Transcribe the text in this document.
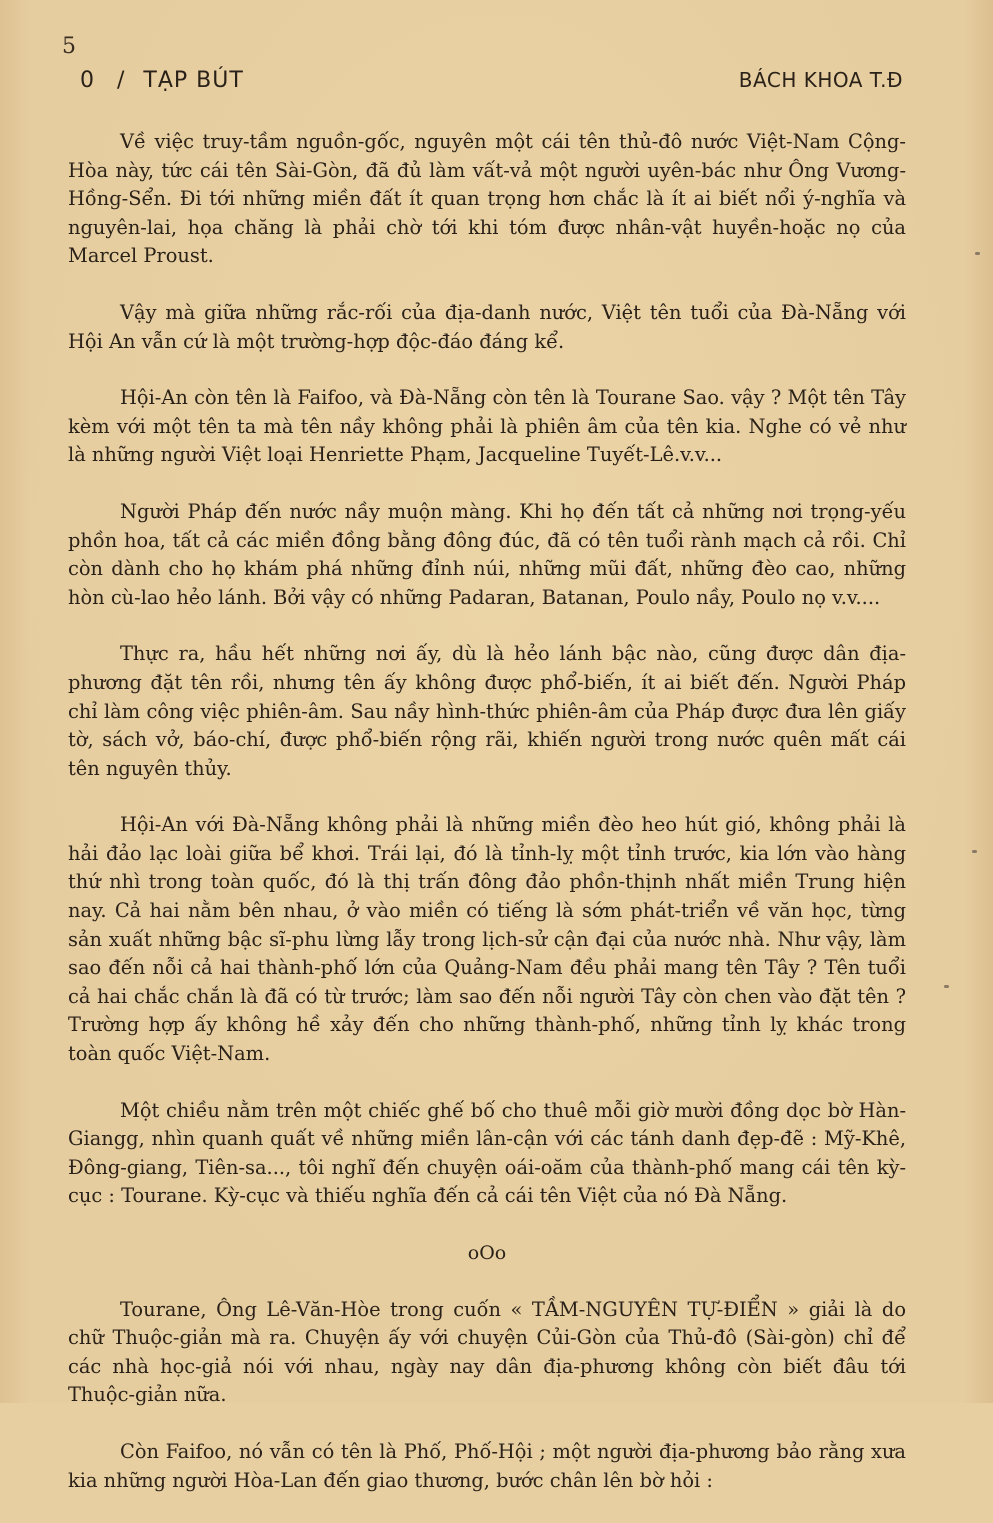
5
0 / TẠP BÚT	BÁCH KHOA T.Đ

Về việc truy-tầm nguồn-gốc, nguyên một cái tên thủ-đô nước Việt-Nam Cộng-Hòa này, tức cái tên Sài-Gòn, đã đủ làm vất-vả một người uyên-bác như Ông Vương-Hồng-Sển. Đi tới những miền đất ít quan trọng hơn chắc là ít ai biết nổi ý-nghĩa và nguyên-lai, họa chăng là phải chờ tới khi tóm được nhân-vật huyền-hoặc nọ của Marcel Proust.

Vậy mà giữa những rắc-rối của địa-danh nước, Việt tên tuổi của Đà-Nẵng với Hội An vẫn cứ là một trường-hợp độc-đáo đáng kể.

Hội-An còn tên là Faifoo, và Đà-Nẵng còn tên là Tourane Sao. vậy ? Một tên Tây kèm với một tên ta mà tên nầy không phải là phiên âm của tên kia. Nghe có vẻ như là những người Việt loại Henriette Phạm, Jacqueline Tuyết-Lê.v.v...

Người Pháp đến nước nầy muộn màng. Khi họ đến tất cả những nơi trọng-yếu phồn hoa, tất cả các miền đồng bằng đông đúc, đã có tên tuổi rành mạch cả rồi. Chỉ còn dành cho họ khám phá những đỉnh núi, những mũi đất, những đèo cao, những hòn cù-lao hẻo lánh. Bởi vậy có những Padaran, Batanan, Poulo nầy, Poulo nọ v.v....

Thực ra, hầu hết những nơi ấy, dù là hẻo lánh bậc nào, cũng được dân địa-phương đặt tên rồi, nhưng tên ấy không được phổ-biến, ít ai biết đến. Người Pháp chỉ làm công việc phiên-âm. Sau nầy hình-thức phiên-âm của Pháp được đưa lên giấy tờ, sách vở, báo-chí, được phổ-biến rộng rãi, khiến người trong nước quên mất cái tên nguyên thủy.

Hội-An với Đà-Nẵng không phải là những miền đèo heo hút gió, không phải là hải đảo lạc loài giữa bể khơi. Trái lại, đó là tỉnh-lỵ một tỉnh trước, kia lớn vào hàng thứ nhì trong toàn quốc, đó là thị trấn đông đảo phồn-thịnh nhất miền Trung hiện nay. Cả hai nằm bên nhau, ở vào miền có tiếng là sớm phát-triển về văn học, từng sản xuất những bậc sĩ-phu lừng lẫy trong lịch-sử cận đại của nước nhà. Như vậy, làm sao đến nỗi cả hai thành-phố lớn của Quảng-Nam đều phải mang tên Tây ? Tên tuổi cả hai chắc chắn là đã có từ trước; làm sao đến nỗi người Tây còn chen vào đặt tên ? Trường hợp ấy không hề xảy đến cho những thành-phố, những tỉnh lỵ khác trong toàn quốc Việt-Nam.

Một chiều nằm trên một chiếc ghế bố cho thuê mỗi giờ mười đồng dọc bờ Hàn-Giangg, nhìn quanh quất về những miền lân-cận với các tánh danh đẹp-đẽ : Mỹ-Khê, Đông-giang, Tiên-sa..., tôi nghĩ đến chuyện oái-oăm của thành-phố mang cái tên kỳ-cục : Tourane. Kỳ-cục và thiếu nghĩa đến cả cái tên Việt của nó Đà Nẵng.

oOo

Tourane, Ông Lê-Văn-Hòe trong cuốn « TẦM-NGUYÊN TỰ-ĐIỂN » giải là do chữ Thuộc-giản mà ra. Chuyện ấy với chuyện Củi-Gòn của Thủ-đô (Sài-gòn) chỉ để các nhà học-giả nói với nhau, ngày nay dân địa-phương không còn biết đâu tới Thuộc-giản nữa.

Còn Faifoo, nó vẫn có tên là Phố, Phố-Hội ; một người địa-phương bảo rằng xưa kia những người Hòa-Lan đến giao thương, bước chân lên bờ hỏi :
